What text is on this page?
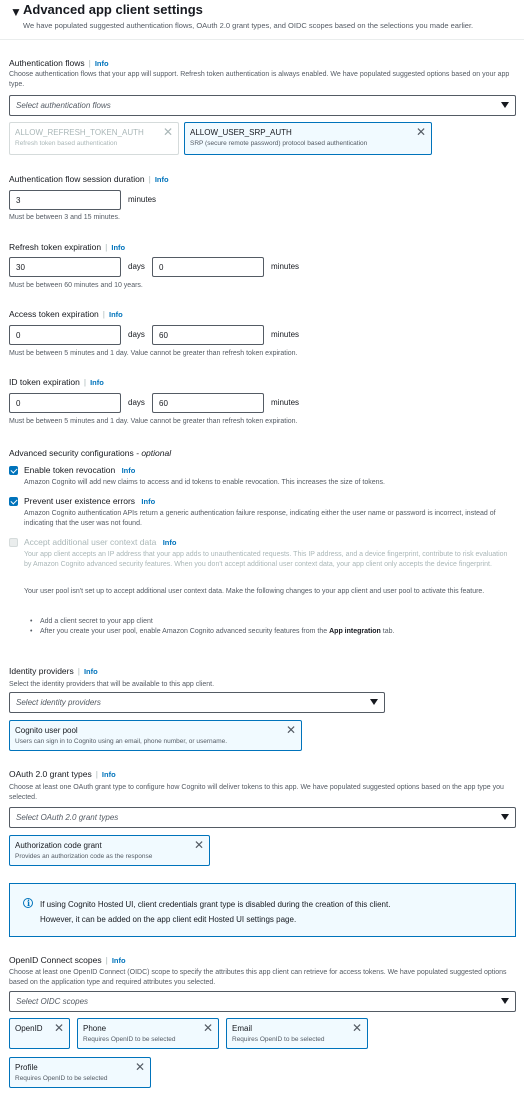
▼ Advanced app client settings
We have populated suggested authentication flows, OAuth 2.0 grant types, and OIDC scopes based on the selections you made earlier.
Authentication flows | Info
Choose authentication flows that your app will support. Refresh token authentication is always enabled. We have populated suggested options based on your app type.
Select authentication flows
ALLOW_REFRESH_TOKEN_AUTH
Refresh token based authentication
✕ ALLOW_USER_SRP_AUTH
SRP (secure remote password) protocol based authentication
✕
Authentication flow session duration | Info
3	minutes
Must be between 3 and 15 minutes.
Refresh token expiration | Info
30	days	0	minutes
Must be between 60 minutes and 10 years.
Access token expiration | Info
0	days	60	minutes
Must be between 5 minutes and 1 day. Value cannot be greater than refresh token expiration.
ID token expiration | Info
0	days	60	minutes
Must be between 5 minutes and 1 day. Value cannot be greater than refresh token expiration.
Advanced security configurations - optional
Enable token revocation Info
Amazon Cognito will add new claims to access and id tokens to enable revocation. This increases the size of tokens.
Prevent user existence errors Info
Amazon Cognito authentication APIs return a generic authentication failure response, indicating either the user name or password is incorrect, instead of indicating that the user was not found.
Accept additional user context data Info
Your app client accepts an IP address that your app adds to unauthenticated requests. This IP address, and a device fingerprint, contribute to risk evaluation by Amazon Cognito advanced security features. When you don't accept additional user context data, your app client only accepts the device fingerprint.
Your user pool isn't set up to accept additional user context data. Make the following changes to your app client and user pool to activate this feature.
• Add a client secret to your app client
• After you create your user pool, enable Amazon Cognito advanced security features from the App integration tab.
Identity providers | Info
Select the identity providers that will be available to this app client.
Select identity providers
Cognito user pool
Users can sign in to Cognito using an email, phone number, or username.
✕
OAuth 2.0 grant types | Info
Choose at least one OAuth grant type to configure how Cognito will deliver tokens to this app. We have populated suggested options based on the app type you selected.
Select OAuth 2.0 grant types
Authorization code grant
Provides an authorization code as the response
✕
i
If using Cognito Hosted UI, client credentials grant type is disabled during the creation of this client.
However, it can be added on the app client edit Hosted UI settings page.
OpenID Connect scopes | Info
Choose at least one OpenID Connect (OIDC) scope to specify the attributes this app client can retrieve for access tokens. We have populated suggested options based on the application type and required attributes you selected.
Select OIDC scopes
OpenID ✕ Phone
Requires OpenID to be selected
✕ Email
Requires OpenID to be selected
✕
Profile
Requires OpenID to be selected
✕
